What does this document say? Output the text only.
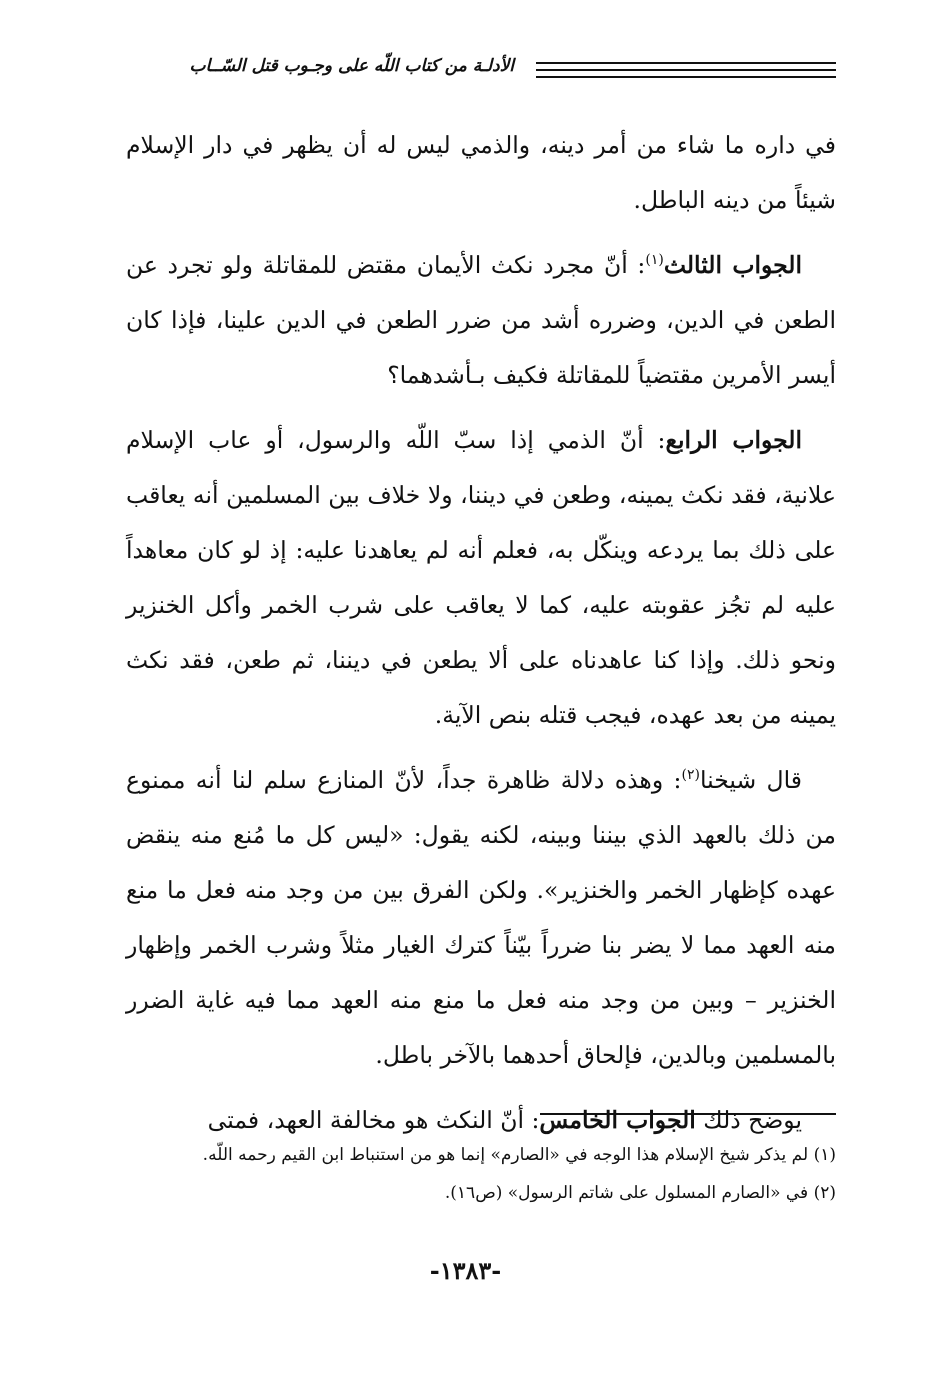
الأدلـة من كتاب اللّه على وجـوب قتل السّــاب

في داره ما شاء من أمر دينه، والذمي ليس له أن يظهر في دار الإسلام شيئاً من دينه الباطل.

الجواب الثالث$^{(١)}$: أنّ مجرد نكث الأيمان مقتض للمقاتلة ولو تجرد عن الطعن في الدين، وضرره أشد من ضرر الطعن في الدين علينا، فإذا كان أيسر الأمرين مقتضياً للمقاتلة فكيف بـأشدهما؟

الجواب الرابع: أنّ الذمي إذا سبّ اللّه والرسول، أو عاب الإسلام علانية، فقد نكث يمينه، وطعن في ديننا، ولا خلاف بين المسلمين أنه يعاقب على ذلك بما يردعه وينكّل به، فعلم أنه لم يعاهدنا عليه: إذ لو كان معاهداً عليه لم تجُز عقوبته عليه، كما لا يعاقب على شرب الخمر وأكل الخنزير ونحو ذلك. وإذا كنا عاهدناه على ألا يطعن في ديننا، ثم طعن، فقد نكث يمينه من بعد عهده، فيجب قتله بنص الآية.

قال شيخنا$^{(٢)}$: وهذه دلالة ظاهرة جداً، لأنّ المنازع سلم لنا أنه ممنوع من ذلك بالعهد الذي بيننا وبينه، لكنه يقول: «ليس كل ما مُنع منه ينقض عهده كإظهار الخمر والخنزير». ولكن الفرق بين من وجد منه فعل ما منع منه العهد مما لا يضر بنا ضرراً بيّناً كترك الغيار مثلاً وشرب الخمر وإظهار الخنزير – وبين من وجد منه فعل ما منع منه العهد مما فيه غاية الضرر بالمسلمين وبالدين، فإلحاق أحدهما بالآخر باطل.

يوضح ذلك الجواب الخامس: أنّ النكث هو مخالفة العهد، فمتى

(١) لم يذكر شيخ الإسلام هذا الوجه في «الصارم» إنما هو من استنباط ابن القيم رحمه اللّه.

(٢) في «الصارم المسلول على شاتم الرسول» (ص١٦).

-١٣٨٣-
